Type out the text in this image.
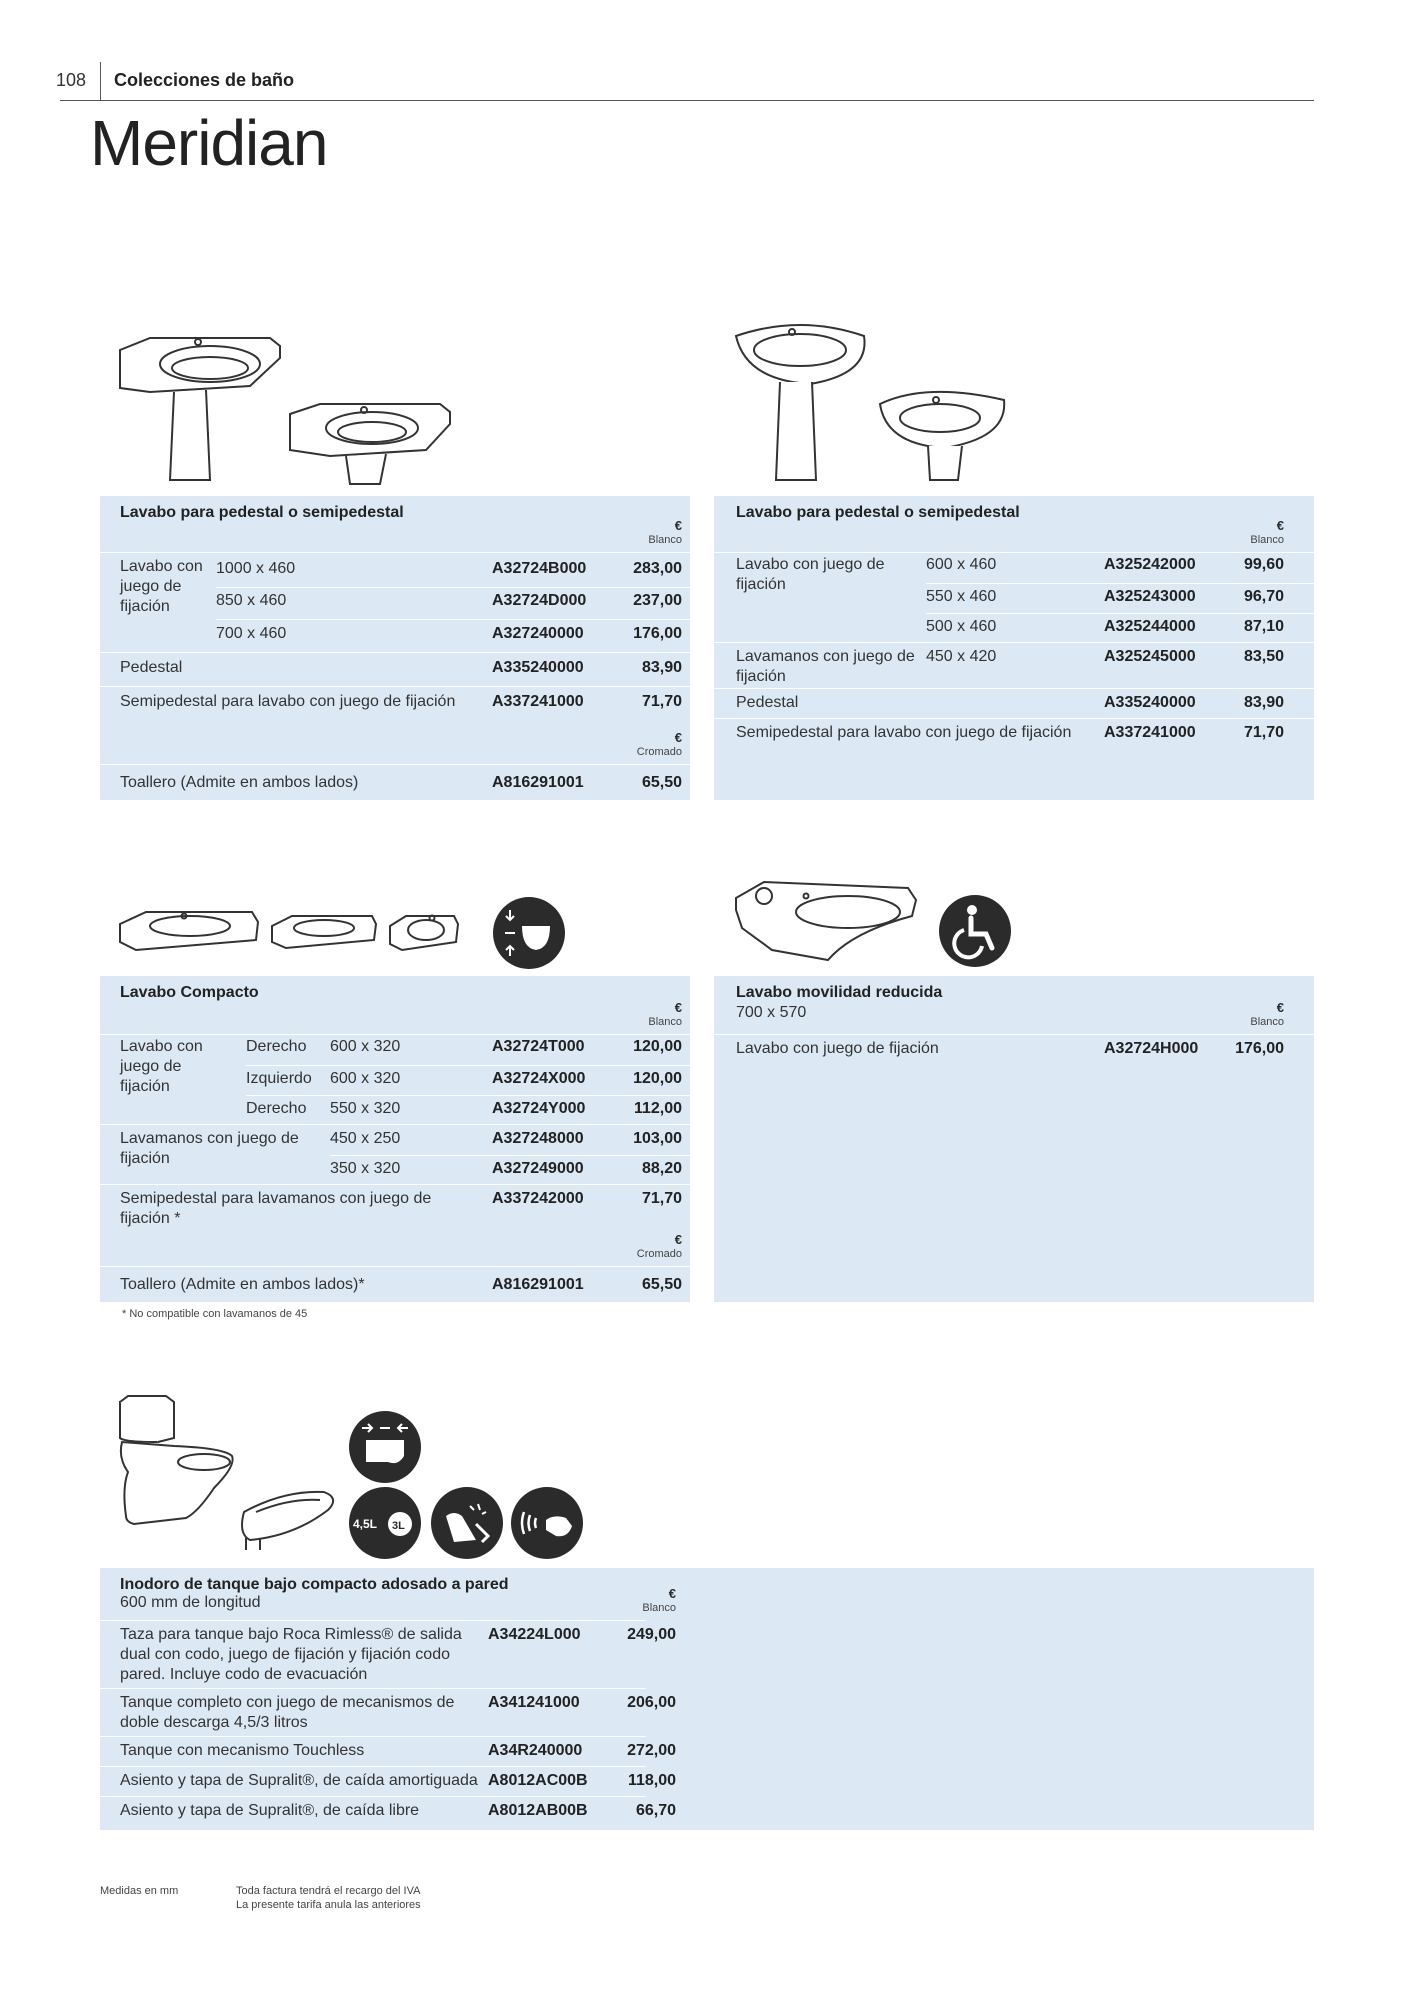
108 Colecciones de baño
Meridian
Lavabo para pedestal o semipedestal
€
Blanco
Lavabo con juego de fijación
1000 x 460	A32724B000	283,00
850 x 460	A32724D000	237,00
700 x 460	A327240000	176,00
Pedestal	A335240000	83,90
Semipedestal para lavabo con juego de fijación A337241000	71,70
€
Cromado
Toallero (Admite en ambos lados)	A816291001	65,50
Lavabo para pedestal o semipedestal
€
Blanco
Lavabo con juego de fijación
600 x 460	A325242000	99,60
550 x 460	A325243000	96,70
500 x 460	A325244000	87,10
Lavamanos con juego de fijación
450 x 420	A325245000	83,50
Pedestal	A335240000	83,90
Semipedestal para lavabo con juego de fijación A337241000	71,70
Lavabo Compacto
€
Blanco
Lavabo con juego de fijación
Derecho 600 x 320	A32724T000	120,00
Izquierdo 600 x 320	A32724X000	120,00
Derecho 550 x 320	A32724Y000	112,00
Lavamanos con juego de fijación
450 x 250	A327248000	103,00
350 x 320	A327249000	88,20
Semipedestal para lavamanos con juego de fijación *
A337242000	71,70
€
Cromado
Toallero (Admite en ambos lados)*	A816291001	65,50
* No compatible con lavamanos de 45
Lavabo movilidad reducida
700 x 570	€
Blanco
Lavabo con juego de fijación	A32724H000	176,00
4,5L 3L
Inodoro de tanque bajo compacto adosado a pared
600 mm de longitud
€
Blanco
Taza para tanque bajo Roca Rimless® de salida dual con codo, juego de fijación y fijación codo pared. Incluye codo de evacuación
A34224L000	249,00
Tanque completo con juego de mecanismos de doble descarga 4,5/3 litros
A341241000	206,00
Tanque con mecanismo Touchless	A34R240000	272,00
Asiento y tapa de Supralit®, de caída amortiguada A8012AC00B	118,00
Asiento y tapa de Supralit®, de caída libre	A8012AB00B	66,70
Medidas en mm	Toda factura tendrá el recargo del IVA
La presente tarifa anula las anteriores
